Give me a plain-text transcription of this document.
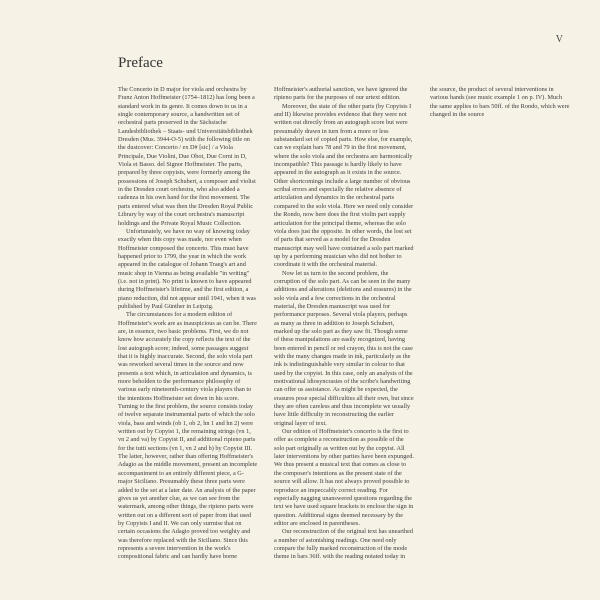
V
Preface

The Concerto in D major for viola and orchestra by Franz Anton Hoffmeister (1754–1812) has long been a standard work in its genre. It comes down to us in a single contemporary source, a handwritten set of orchestral parts preserved in the Sächsische Landesbibliothek – Staats- und Universitätsbibliothek Dresden (Mus. 3944-O-5) with the following title on the dustcover: Concerto / ex D# [sic] / a Viola Principale, Due Violini, Due Oboi, Due Corni in D, Viola et Basso. del Signor Hoffmeister. The parts, prepared by three copyists, were formerly among the possessions of Joseph Schubert, a composer and violist in the Dresden court orchestra, who also added a cadenza in his own hand for the first movement. The parts entered what was then the Dresden Royal Public Library by way of the court orchestra's manuscript holdings and the Private Royal Music Collection.

Unfortunately, we have no way of knowing today exactly when this copy was made, nor even when Hoffmeister composed the concerto. This must have happened prior to 1799, the year in which the work appeared in the catalogue of Johann Traeg's art and music shop in Vienna as being available "in writing" (i.e. not in print). No print is known to have appeared during Hoffmeister's lifetime, and the first edition, a piano reduction, did not appear until 1941, when it was published by Paul Günther in Leipzig.

The circumstances for a modern edition of Hoffmeister's work are as inauspicious as can be. There are, in essence, two basic problems. First, we do not know how accurately the copy reflects the text of the lost autograph score; indeed, some passages suggest that it is highly inaccurate. Second, the solo viola part was reworked several times in the source and now presents a text which, in articulation and dynamics, is more beholden to the performance philosophy of various early nineteenth-century viola players than to the intentions Hoffmeister set down in his score.

Turning to the first problem, the source consists today of twelve separate instrumental parts of which the solo viola, bass and winds (ob 1, ob 2, hn 1 and hn 2) were written out by Copyist 1, the remaining strings (vn 1, vn 2 and va) by Copyist II, and additional ripieno parts for the tutti sections (vn 1, vn 2 and b) by Copyist III. The latter, however, rather than offering Hoffmeister's Adagio as the middle movement, present an incomplete accompaniment to an entirely different piece, a G-major Siciliano. Presumably these three parts were added to the set at a later date. An analysis of the paper gives us yet another clue, as we can see from the watermark, among other things, the ripieno parts were written out on a different sort of paper from that used by Copyists I and II. We can only surmise that on certain occasions the Adagio proved too weighty and was therefore replaced with the Siciliano. Since this represents a severe intervention in the work's compositional fabric and can hardly have borne Hoffmeister's authorial sanction, we have ignored the ripieno parts for the purposes of our urtext edition.

Moreover, the state of the other parts (by Copyists I and II) likewise provides evidence that they were not written out directly from an autograph score but were presumably drawn in turn from a more or less substandard set of copied parts. How else, for example, can we explain bars 78 and 79 in the first movement, where the solo viola and the orchestra are harmonically incompatible? This passage is hardly likely to have appeared in the autograph as it exists in the source. Other shortcomings include a large number of obvious scribal errors and especially the relative absence of articulation and dynamics in the orchestral parts compared to the solo viola. Here we need only consider the Rondo, now here does the first violin part supply articulation for the principal theme, whereas the solo viola does just the opposite. In other words, the lost set of parts that served as a model for the Dresden manuscript may well have contained a solo part marked up by a performing musician who did not bother to coordinate it with the orchestral material.

Now let us turn to the second problem, the corruption of the solo part. As can be seen in the many additions and alterations (deletions and erasures) in the solo viola and a few corrections in the orchestral material, the Dresden manuscript was used for performance purposes. Several viola players, perhaps as many as three in addition to Joseph Schubert, marked up the solo part as they saw fit. Though some of these manipulations are easily recognized, having been entered in pencil or red crayon, this is not the case with the many changes made in ink, particularly as the ink is indistinguishable very similar in colour to that used by the copyist. In this case, only an analysis of the motivational idiosyncrasies of the scribe's handwriting can offer us assistance. As might be expected, the erasures pose special difficulties all their own, but since they are often careless and thus incomplete we usually have little difficulty in reconstructing the earlier original layer of text.

Our edition of Hoffmeister's concerto is the first to offer as complete a reconstruction as possible of the solo part originally as written out by the copyist. All later interventions by other parties have been expunged. We thus present a musical text that comes as close to the composer's intentions as the present state of the source will allow. It has not always proved possible to reproduce an impeccably correct reading. For especially nagging unanswered questions regarding the text we have used square brackets to enclose the sign in question. Additional signs deemed necessary by the editor are enclosed in parentheses.

Our reconstruction of the original text has unearthed a number of astonishing readings. One need only compare the fully marked reconstruction of the mode theme in bars 36ff. with the reading notated today in the source, the product of several interventions in various hands (see music example 1 on p. IV). Much the same applies to bars 50ff. of the Rondo, which were changed in the source
